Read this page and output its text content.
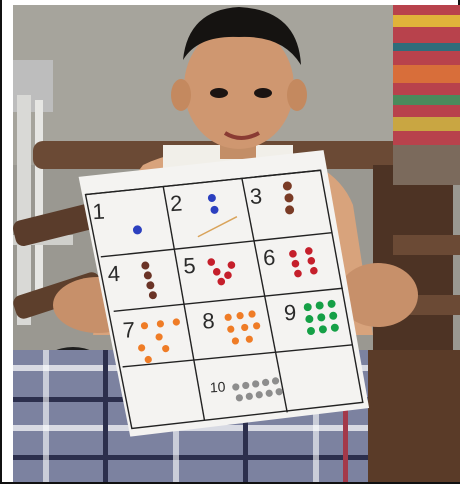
1	2	3
4	5	6
7	8	9
10
